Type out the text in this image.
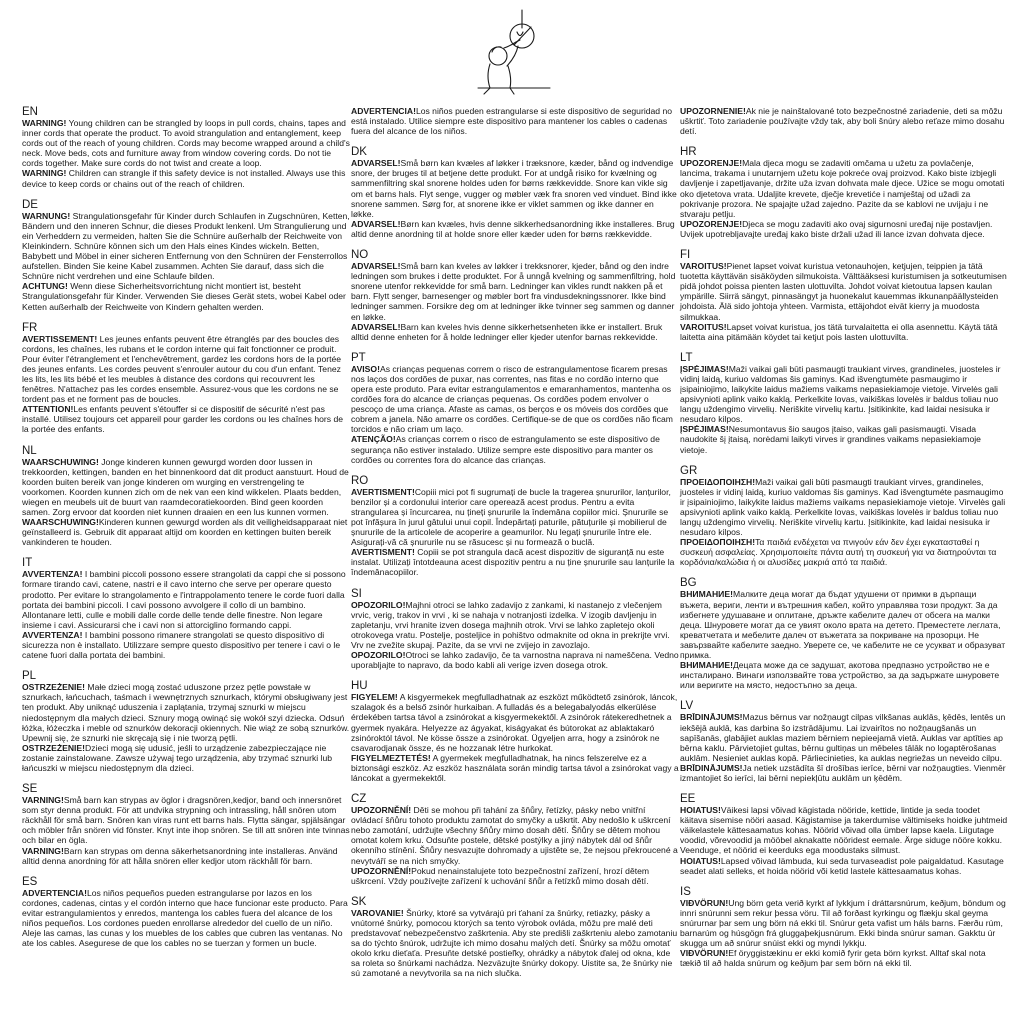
EN

WARNING! Young children can be strangled by loops in pull cords, chains, tapes and inner cords that operate the product. To avoid strangulation and entanglement, keep cords out of the reach of young children. Cords may become wrapped around a child's neck. Move beds, cots and furniture away from window covering cords. Do not tie cords together. Make sure cords do not twist and create a loop.

WARNING! Children can strangle if this safety device is not installed. Always use this device to keep cords or chains out of the reach of children.

DE

WARNUNG! Strangulationsgefahr für Kinder durch Schlaufen in Zugschnüren, Ketten, Bändern und den inneren Schnur, die dieses Produkt lenkenl. Um Strangulierung und ein Verheddern zu vermeiden, halten Sie die Schnüre außerhalb der Reichweite von Kleinkindern. Schnüre können sich um den Hals eines Kindes wickeln. Betten, Babybett und Möbel in einer sicheren Entfernung von den Schnüren der Fensterrollos aufstellen. Binden Sie keine Kabel zusammen. Achten Sie darauf, dass sich die Schnüre nicht verdrehen und eine Schlaufe bilden.

ACHTUNG! Wenn diese Sicherheitsvorrichtung nicht montiert ist, besteht Strangulationsgefahr für Kinder. Verwenden Sie dieses Gerät stets, wobei Kabel oder Ketten außerhalb der Reichweite von Kindern gehalten werden.

FR

AVERTISSEMENT! Les jeunes enfants peuvent être étranglés par des boucles des cordons, les chaînes, les rubans et le cordon interne qui fait fonctionner ce produit. Pour éviter l'étranglement et l'enchevêtrement, gardez les cordons hors de la portée des jeunes enfants. Les cordes peuvent s'enrouler autour du cou d'un enfant. Tenez les lits, les lits bébé et les meubles à distance des cordons qui recouvrent les fenêtres. N'attachez pas les cordes ensemble. Assurez-vous que les cordons ne se tordent pas et ne forment pas de boucles.

ATTENTION!Les enfants peuvent s'étouffer si ce dispositif de sécurité n'est pas installé. Utilisez toujours cet appareil pour garder les cordons ou les chaînes hors de la portée des enfants.

NL

WAARSCHUWING! Jonge kinderen kunnen gewurgd worden door lussen in trekkoorden, kettingen, banden en het binnenkoord dat dit product aanstuurt. Houd de koorden buiten bereik van jonge kinderen om wurging en verstrengeling te voorkomen. Koorden kunnen zich om de nek van een kind wikkelen. Plaats bedden, wiegen en meubels uit de buurt van raamdecoratiekoorden. Bind geen koorden samen. Zorg ervoor dat koorden niet kunnen draaien en een lus kunnen vormen.

WAARSCHUWING!Kinderen kunnen gewurgd worden als dit veiligheidsapparaat niet geïnstalleerd is. Gebruik dit apparaat altijd om koorden en kettingen buiten bereik vankinderen te houden.

IT

AVVERTENZA! I bambini piccoli possono essere strangolati da cappi che si possono formare tirando cavi, catene, nastri e il cavo interno che serve per operare questo prodotto. Per evitare lo strangolamento e l'intrappolamento tenere le corde fuori dalla portata dei bambini piccoli. I cavi possono avvolgere il collo di un bambino. Allontanare letti, culle e mobili dalle corde delle tende delle finestre. Non legare insieme i cavi. Assicurarsi che i cavi non si attorciglino formando cappi.

AVVERTENZA! I bambini possono rimanere strangolati se questo dispositivo di sicurezza non è installato. Utilizzare sempre questo dispositivo per tenere i cavi o le catene fuori dalla portata dei bambini.

PL

OSTRZEŻENIE! Małe dzieci mogą zostać uduszone przez pętle powstałe w sznurkach, łańcuchach, taśmach i wewnętrznych sznurkach, którymi obsługiwany jest ten produkt. Aby uniknąć uduszenia i zaplątania, trzymaj sznurki w miejscu niedostępnym dla małych dzieci. Sznury mogą owinąć się wokół szyi dziecka. Odsuń łóżka, łóżeczka i meble od sznurków dekoracji okiennych. Nie wiąż ze sobą sznurków. Upewnij się, że sznurki nie skręcają się i nie tworzą pętli.

OSTRZEŻENIE!Dzieci mogą się udusić, jeśli to urządzenie zabezpieczające nie zostanie zainstalowane. Zawsze używaj tego urządzenia, aby trzymać sznurki lub łańcuszki w miejscu niedostępnym dla dzieci.

SE

VARNING!Små barn kan strypas av öglor i dragsnören,kedjor, band och innersnöret som styr denna produkt. För att undvika strypning och intrassling, håll snören utom räckhåll för små barn. Snören kan viras runt ett barns hals. Flytta sängar, spjälsängar och möbler från snören vid fönster. Knyt inte ihop snören. Se till att snören inte tvinnas och bilar en ögla.

VARNING!Barn kan strypas om denna säkerhetsanordning inte installeras. Använd alltid denna anordning för att hålla snören eller kedjor utom räckhåll för barn.

ES

ADVERTENCIA!Los niños pequeños pueden estrangularse por lazos en los cordones, cadenas, cintas y el cordón interno que hace funcionar este producto. Para evitar estrangulamientos y enredos, mantenga los cables fuera del alcance de los niños pequeños. Los cordones pueden enrollarse alrededor del cuello de un niño. Aleje las camas, las cunas y los muebles de los cables que cubren las ventanas. No ate los cables. Asegurese de que los cables no se tuerzan y formen un bucle.

ADVERTENCIA!Los niños pueden estrangularse si este dispositivo de seguridad no está instalado. Utilice siempre este dispositivo para mantener los cables o cadenas fuera del alcance de los niños.

DK

ADVARSEL!Små børn kan kvæles af løkker i træksnore, kæder, bånd og indvendige snore, der bruges til at betjene dette produkt. For at undgå risiko for kvælning og sammenfiltring skal snorene holdes uden for børns rækkevidde. Snore kan vikle sig om et barns hals. Flyt senge, vugger og møbler væk fra snoren ved vinduet. Bind ikke snorene sammen. Sørg for, at snorene ikke er viklet sammen og ikke danner en løkke.

ADVARSEL!Børn kan kvæles, hvis denne sikkerhedsanordning ikke installeres. Brug altid denne anordning til at holde snore eller kæder uden for børns rækkevidde.

NO

ADVARSEL!Små barn kan kveles av løkker i trekksnorer, kjeder, bånd og den indre ledningen som brukes i dette produktet. For å unngå kvelning og sammenfiltring, hold snorene utenfor rekkevidde for små barn. Ledninger kan vikles rundt nakken på et barn. Flytt senger, barnesenger og møbler bort fra vindusdekningssnorer. Ikke bind ledninger sammen. Forsikre deg om at ledninger ikke tvinner seg sammen og danner en løkke.

ADVARSEL!Barn kan kveles hvis denne sikkerhetsenheten ikke er installert. Bruk alltid denne enheten for å holde ledninger eller kjeder utenfor barnas rekkevidde.

PT

AVISO!As crianças pequenas correm o risco de estrangulamentose ficarem presas nos laços dos cordões de puxar, nas correntes, nas fitas e no cordão interno que opera este produto. Para evitar estrangulamentos e emaranhamentos, mantenha os cordões fora do alcance de crianças pequenas. Os cordões podem envolver o pescoço de uma criança. Afaste as camas, os berços e os móveis dos cordões que cobrem a janela. Não amarre os cordões. Certifique-se de que os cordões não ficam torcidos e não criam um laço.

ATENÇÃO!As crianças correm o risco de estrangulamento se este dispositivo de segurança não estiver instalado. Utilize sempre este dispositivo para manter os cordões ou correntes fora do alcance das crianças.

RO

AVERTISMENT!Copiii mici pot fi sugrumați de bucle la tragerea șnururilor, lanțurilor, benzilor și a cordonului interior care operează acest produs. Pentru a evita strangularea și încurcarea, nu țineți șnururile la îndemâna copiilor mici. Șnururile se pot înfășura în jurul gâtului unui copil. Îndepărtați paturile, pătuțurile și mobilierul de șnururile de la articolele de acoperire a geamurilor. Nu legați șnururile între ele. Asigurați-vă că șnururile nu se răsucesc și nu formează o buclă.

AVERTISMENT! Copiii se pot strangula dacă acest dispozitiv de siguranță nu este instalat. Utilizați întotdeauna acest dispozitiv pentru a nu ține șnururile sau lanțurile la îndemânacopiilor.

SI

OPOZORILO!Majhni otroci se lahko zadavijo z zankami, ki nastanejo z vlečenjem vrvic, verig, trakov in vrvi , ki se nahaja v notranjosti izdelka. V izogib davljenju in zapletanju, vrvi hranite izven dosega majhnih otrok. Vrvi se lahko zapletejo okoli otrokovega vratu. Postelje, posteljice in pohištvo odmaknite od okna in prekrijte vrvi. Vrv ne zvežite skupaj. Pazite, da se vrvi ne zvijejo in zavozlajo.

OPOZORILO!Otroci se lahko zadavijo, če ta varnostna naprava ni nameščena. Vedno uporabljajte to napravo, da bodo kabli ali verige izven dosega otrok.

HU

FIGYELEM! A kisgyermekek megfulladhatnak az eszközt működtető zsinórok, láncok, szalagok és a belső zsinór hurkaiban. A fulladás és a belegabalyodás elkerülése érdekében tartsa távol a zsinórokat a kisgyermekektől. A zsinórok rátekeredhetnek a gyermek nyakára. Helyezze az ágyakat, kiságyakat és bútorokat az ablaktakaró zsinóroktól távol. Ne kösse össze a zsinórokat. Ügyeljen arra, hogy a zsinórok ne csavarodjanak össze, és ne hozzanak létre hurkokat.

FIGYELMEZTETÉS! A gyermekek megfulladhatnak, ha nincs felszerelve ez a biztonsági eszköz. Az eszköz használata során mindig tartsa távol a zsinórokat vagy a láncokat a gyermekektől.

CZ

UPOZORNĚNÍ! Děti se mohou při tahání za šňůry, řetízky, pásky nebo vnitřní ovládací šňůru tohoto produktu zamotat do smyčky a uškrtit. Aby nedošlo k uškrcení nebo zamotání, udržujte všechny šňůry mimo dosah dětí. Šňůry se dětem mohou omotat kolem krku. Odsuňte postele, dětské postýlky a jiný nábytek dál od šňůr okenního stínění. Šňůry nesvazujte dohromady a ujistěte se, že nejsou překroucené a nevytváří se na nich smyčky.

UPOZORNĚNÍ!Pokud nenainstalujete toto bezpečnostní zařízení, hrozí dětem uškrcení. Vždy používejte zařízení k uchování šňůr a řetízků mimo dosah dětí.

SK

VAROVANIE! Šnúrky, ktoré sa vytvárajú pri ťahaní za šnúrky, retiazky, pásky a vnútorné šnúrky, pomocou ktorých sa tento výrobok ovláda, môžu pre malé deti predstavovať nebezpečenstvo zaškrtenia. Aby ste predišli zaškrteniu alebo zamotaniu sa do týchto šnúrok, udržujte ich mimo dosahu malých detí. Šnúrky sa môžu omotať okolo krku dieťaťa. Presuňte detské postieľky, ohrádky a nábytok ďalej od okna, kde sa roleta so šnúrkami nachádza. Nezväzujte šnúrky dokopy. Uistite sa, že šnúrky nie sú zamotané a nevytvorila sa na nich slučka.

UPOZORNENIE!Ak nie je nainštalované toto bezpečnostné zariadenie, deti sa môžu uškrtiť. Toto zariadenie používajte vždy tak, aby boli šnúry alebo reťaze mimo dosahu detí.

HR

UPOZORENJE!Mala djeca mogu se zadaviti omčama u užetu za povlačenje, lancima, trakama i unutarnjem užetu koje pokreće ovaj proizvod. Kako biste izbjegli davljenje i zapetljavanje, držite uža izvan dohvata male djece. Užice se mogu omotati oko djetetova vrata. Udaljite krevete, dječje krevetiće i namještaj od užadi za pokrivanje prozora. Ne spajajte užad zajedno. Pazite da se kablovi ne uvijaju i ne stvaraju petlju.

UPOZORENJE!Djeca se mogu zadaviti ako ovaj sigurnosni uređaj nije postavljen. Uvijek upotrebljavajte uređaj kako biste držali užad ili lance izvan dohvata djece.

FI

VAROITUS!Pienet lapset voivat kuristua vetonauhojen, ketjujen, teippien ja tätä tuotetta käyttävän sisäköyden silmukoista. Välttääksesi kuristumisen ja sotkeutumisen pidä johdot poissa pienten lasten ulottuvilta. Johdot voivat kietoutua lapsen kaulan ympärille. Siirrä sängyt, pinnasängyt ja huonekalut kauemmas ikkunanpäällysteiden johdoista. Älä sido johtoja yhteen. Varmista, ettäjohdot eivät kierry ja muodosta silmukkaa.

VAROITUS!Lapset voivat kuristua, jos tätä turvalaitetta ei olla asennettu. Käytä tätä laitetta aina pitämään köydet tai ketjut pois lasten ulottuvilta.

LT

ĮSPĖJIMAS!Maži vaikai gali būti pasmaugti traukiant virves, grandineles, juosteles ir vidinį laidą, kuriuo valdomas šis gaminys. Kad išvengtumėte pasmaugimo ir įsipainiojimo, laikykite laidus mažiems vaikams nepasiekiamoje vietoje. Virvelės gali apsivynioti aplink vaiko kaklą. Perkelkite lovas, vaikiškas lovelės ir baldus toliau nuo langų uždengimo virvelių. Neriškite virvelių kartu. Įsitikinkite, kad laidai nesisuka ir nesudaro kilpos.

ĮSPĖJIMAS!Nesumontavus šio saugos įtaiso, vaikas gali pasismaugti. Visada naudokite šį įtaisą, norėdami laikyti virves ir grandines vaikams nepasiekiamoje vietoje.

GR

ΠΡΟΕΙΔΟΠΟΙΗΣΗ!Maži vaikai gali būti pasmaugti traukiant virves, grandineles, juosteles ir vidinį laidą, kuriuo valdomas šis gaminys. Kad išvengtumėte pasmaugimo ir įsipainiojimo, laikykite laidus mažiems vaikams nepasiekiamoje vietoje. Virvelės gali apsivynioti aplink vaiko kaklą. Perkelkite lovas, vaikiškas lovelės ir baldus toliau nuo langų uždengimo virvelių. Neriškite virvelių kartu. Įsitikinkite, kad laidai nesisuka ir nesudaro kilpos.

ΠΡΟΕΙΔΟΠΟΙΗΣΗ!Τα παιδιά ενδέχεται να πνιγούν εάν δεν έχει εγκατασταθεί η συσκευή ασφαλείας. Χρησιμοποιείτε πάντα αυτή τη συσκευή για να διατηρούνται τα κορδόνια/καλώδια ή οι αλυσίδες μακριά από τα παιδιά.

BG

ВНИМАНИЕ!Малките деца могат да бъдат удушени от примки в дърпащи въжета, вериги, ленти и вътрешния кабел, който управлява този продукт. За да избегнете удушаване и оплитане, дръжте кабелите далеч от обсега на малки деца. Шнуровете могат да се увият около врата на детето. Преместете леглата, креватчетата и мебелите далеч от въжетата за покриване на прозорци. Не завързвайте кабелите заедно. Уверете се, че кабелите не се усукват и образуват примка.

ВНИМАНИЕ!Децата може да се задушат, акотова предпазно устройство не е инсталирано. Винаги използвайте това устройство, за да задържате шнуровете или веригите на място, недостъпно за деца.

LV

BRĪDINĀJUMS!Mazus bērnus var nožņaugt cilpas vilkšanas auklās, ķēdēs, lentēs un iekšējā auklā, kas darbina šo izstrādājumu. Lai izvairītos no nožņaugšanās un sapīšanās, glabājiet auklas maziem bērniem nepieejamā vietā. Auklas var aptīties ap bērna kaklu. Pārvietojiet gultas, bērnu gultiņas un mēbeles tālāk no logaptērošanas auklām. Nesieniet auklas kopā. Pārliecinieties, ka auklas negriežas un neveido cilpu.

BRĪDINĀJUMS!Ja netiek uzstādīta šī drošības ierīce, bērni var nožņaugties. Vienmēr izmantojiet šo ierīci, lai bērni nepiekļūtu auklām un ķēdēm.

EE

HOIATUS!Väikesi lapsi võivad kägistada nööride, kettide, lintide ja seda toodet käitava sisemise nööri aasad. Kägistamise ja takerdumise vältimiseks hoidke juhtmeid väikelastele kättesaamatus kohas. Nöörid võivad olla ümber lapse kaela. Liigutage voodid, võrevoodid ja mööbel aknakatte nööridest eemale. Ärge siduge nööre kokku. Veenduge, et nöörid ei keerduks ega moodustaks silmust.

HOIATUS!Lapsed võivad lämbuda, kui seda turvaseadist pole paigaldatud. Kasutage seadet alati selleks, et hoida nöörid või ketid lastele kättesaamatus kohas.

IS

VIÐVÖRUN!Ung börn geta verið kyrkt af lykkjum í dráttarsnúrum, keðjum, böndum og innri snúrunni sem rekur þessa vöru. Til að forðast kyrkingu og flækju skal geyma snúrurnar þar sem ung börn ná ekki til. Snúrur geta vafist um háls barns. Færðu rúm, barnarúm og húsgögn frá gluggaþekjusnúrum. Ekki binda snúrur saman. Gakktu úr skugga um að snúrur snúist ekki og myndi lykkju.

VIÐVÖRUN!Ef öryggistækinu er ekki komið fyrir geta börn kyrkst. Alltaf skal nota tækið til að halda snúrum og keðjum þar sem börn ná ekki til.
